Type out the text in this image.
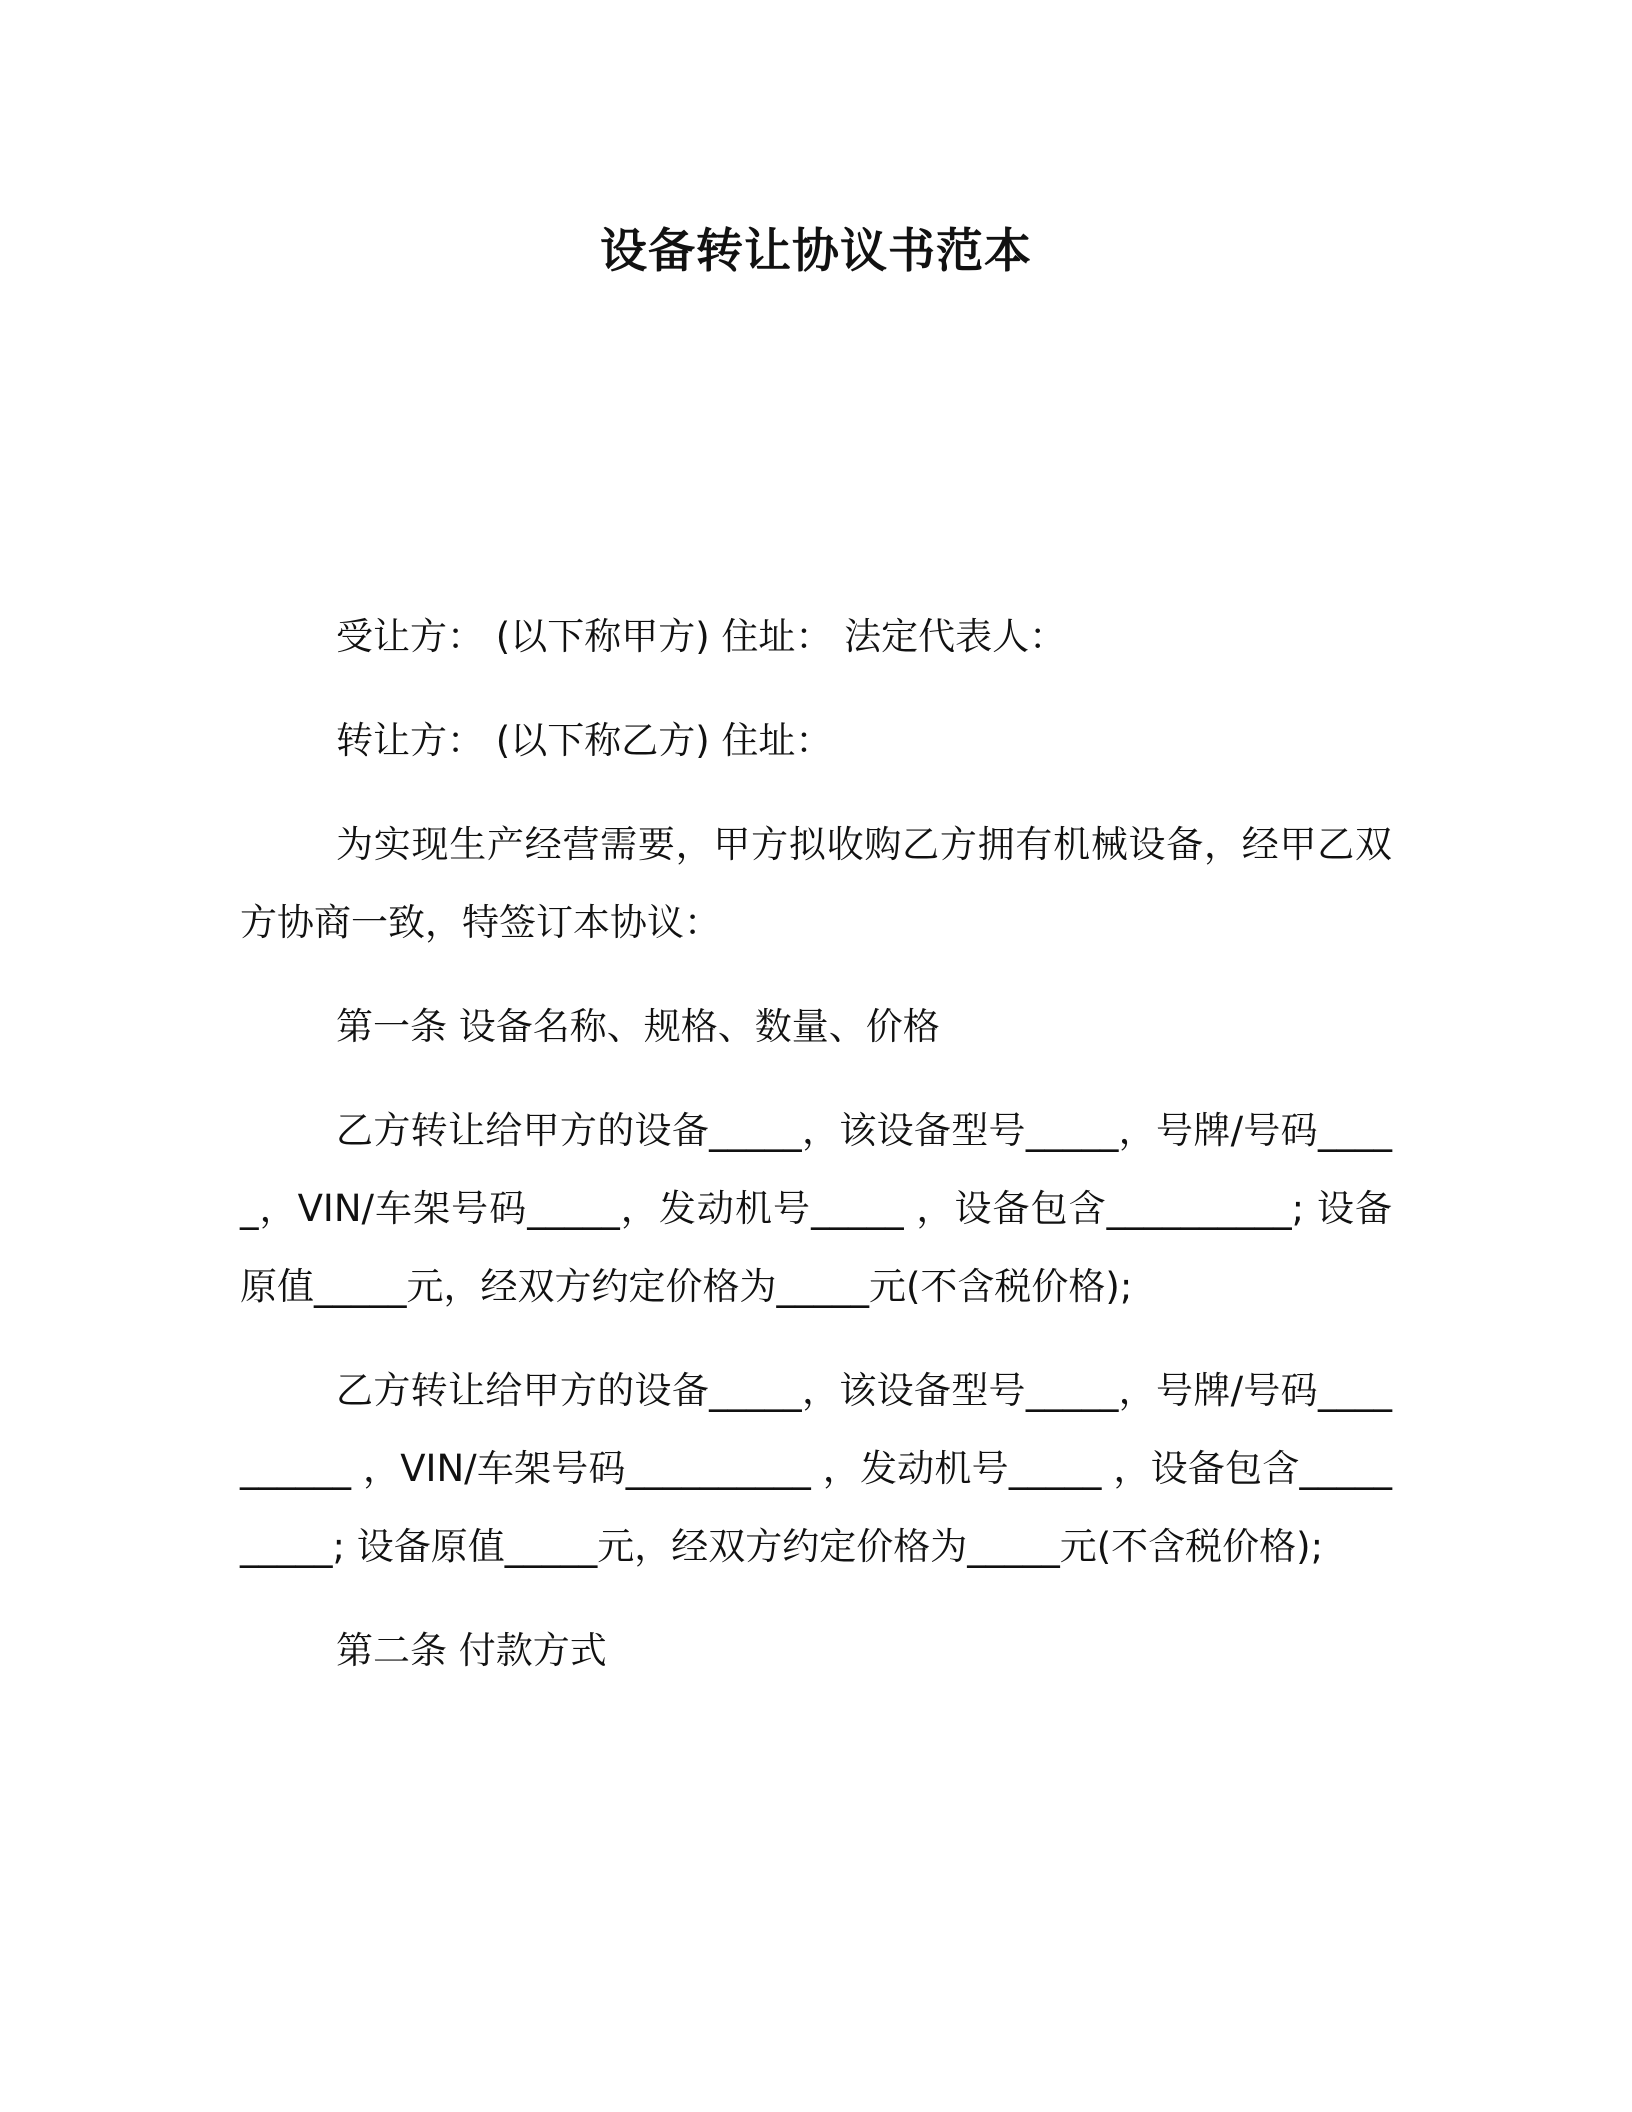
设备转让协议书范本

受让方： (以下称甲方) 住址： 法定代表人：

转让方： (以下称乙方) 住址：

为实现生产经营需要，甲方拟收购乙方拥有机械设备，经甲乙双方协商一致，特签订本协议：

第一条 设备名称、规格、数量、价格

乙方转让给甲方的设备_____，该设备型号_____，号牌/号码_____，VIN/车架号码_____，发动机号_____ ，设备包含__________; 设备原值_____元，经双方约定价格为_____元(不含税价格);

乙方转让给甲方的设备_____，该设备型号_____，号牌/号码__________ ，VIN/车架号码__________ ，发动机号_____ ，设备包含__________; 设备原值_____元，经双方约定价格为_____元(不含税价格);

第二条 付款方式
